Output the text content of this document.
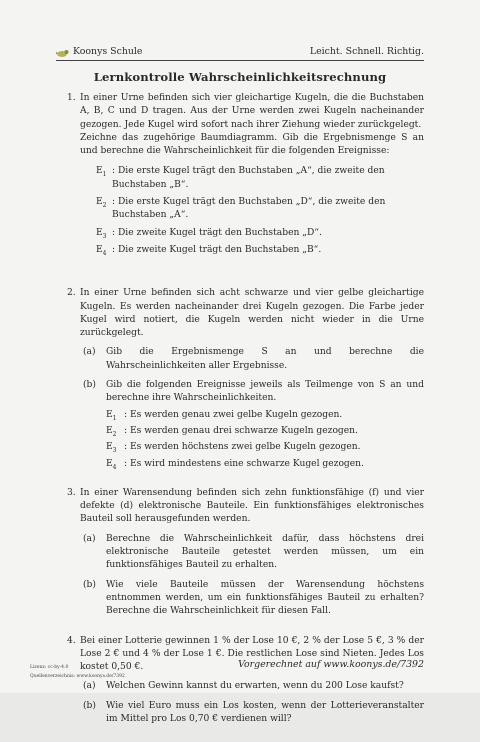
Koonys Schule	Leicht. Schnell. Richtig.
Lernkontrolle Wahrscheinlichkeitsrechnung
1. In einer Urne befinden sich vier gleichartige Kugeln, die die Buchstaben A, B, C und D tragen. Aus der Urne werden zwei Kugeln nacheinander gezogen. Jede Kugel wird sofort nach ihrer Ziehung wieder zurückgelegt.

Zeichne das zugehörige Baumdiagramm. Gib die Ergebnismenge S an und berechne die Wahrscheinlichkeit für die folgenden Ereignisse:

$E_1$ : Die erste Kugel trägt den Buchstaben „A“, die zweite den Buchstaben „B“.
$E_2$ : Die erste Kugel trägt den Buchstaben „D“, die zweite den Buchstaben „A“.
$E_3$ : Die zweite Kugel trägt den Buchstaben „D“.
$E_4$ : Die zweite Kugel trägt den Buchstaben „B“.
2. In einer Urne befinden sich acht schwarze und vier gelbe gleichartige Kugeln. Es werden nacheinander drei Kugeln gezogen. Die Farbe jeder Kugel wird notiert, die Kugeln werden nicht wieder in die Urne zurückgelegt.

(a) Gib die Ergebnismenge S an und berechne die Wahrscheinlichkeiten aller Ergebnisse.
(b) Gib die folgenden Ereignisse jeweils als Teilmenge von S an und berechne ihre Wahrscheinlichkeiten.
$E_1$ : Es werden genau zwei gelbe Kugeln gezogen.
$E_2$ : Es werden genau drei schwarze Kugeln gezogen.
$E_3$ : Es werden höchstens zwei gelbe Kugeln gezogen.
$E_4$ : Es wird mindestens eine schwarze Kugel gezogen.
3. In einer Warensendung befinden sich zehn funktionsfähige (f) und vier defekte (d) elektronische Bauteile. Ein funktionsfähiges elektronisches Bauteil soll herausgefunden werden.

(a) Berechne die Wahrscheinlichkeit dafür, dass höchstens drei elektronische Bauteile getestet werden müssen, um ein funktionsfähiges Bauteil zu erhalten.
(b) Wie viele Bauteile müssen der Warensendung höchstens entnommen werden, um ein funktionsfähiges Bauteil zu erhalten? Berechne die Wahrscheinlichkeit für diesen Fall.
4. Bei einer Lotterie gewinnen 1 % der Lose 10 €, 2 % der Lose 5 €, 3 % der Lose 2 € und 4 % der Lose 1 €. Die restlichen Lose sind Nieten. Jedes Los kostet 0,50 €.

(a) Welchen Gewinn kannst du erwarten, wenn du 200 Lose kaufst?
(b) Wie viel Euro muss ein Los kosten, wenn der Lotterieveranstalter im Mittel pro Los 0,70 € verdienen will?
Lizenz: cc-by-4.0
Quellenverzeichnis: www.koonys.de/7392
Vorgerechnet auf www.koonys.de/7392
